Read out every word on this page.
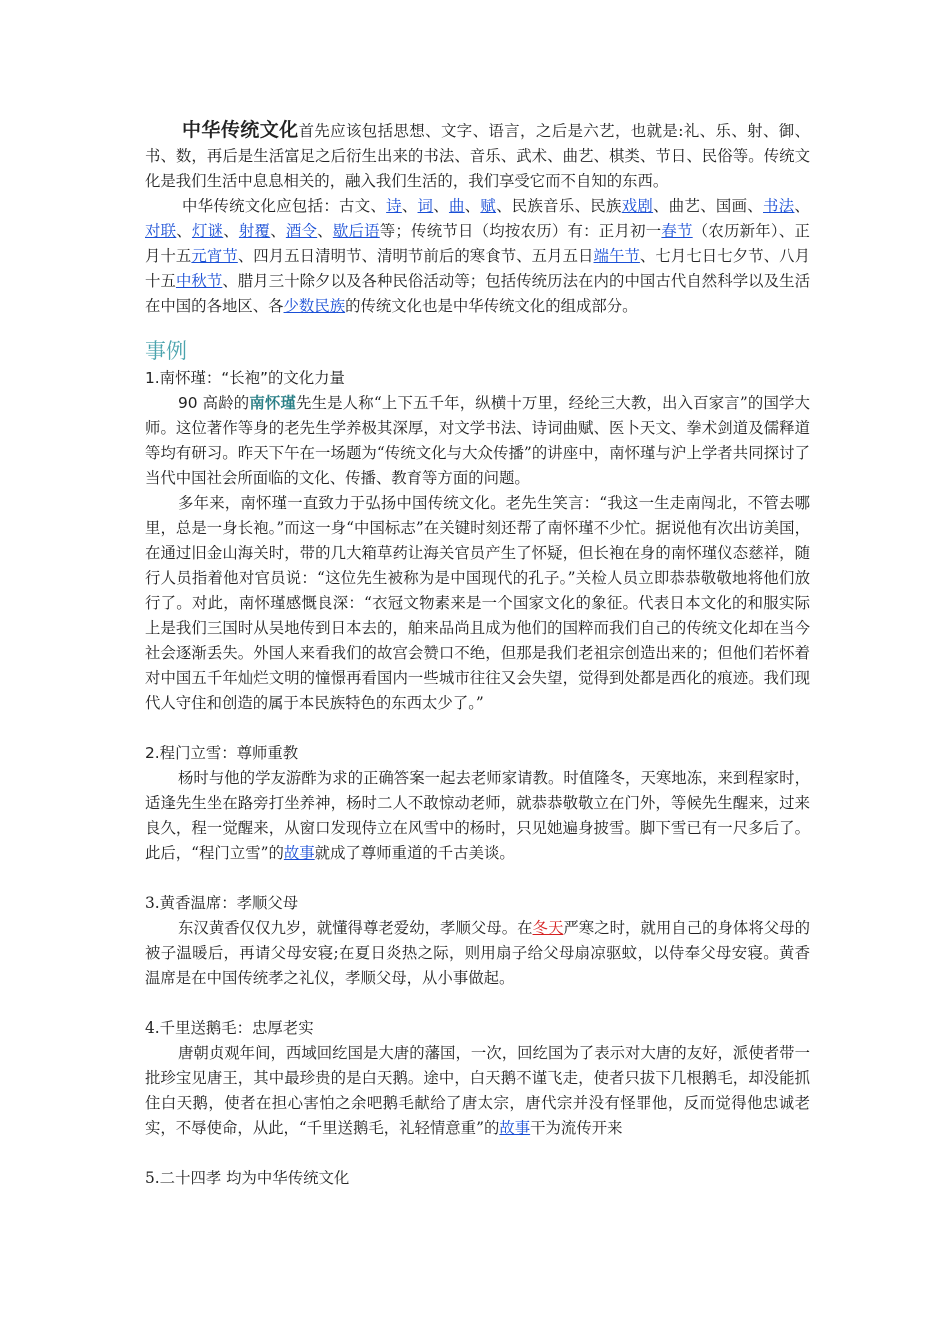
中华传统文化首先应该包括思想、文字、语言，之后是六艺，也就是:礼、乐、射、御、书、数，再后是生活富足之后衍生出来的书法、音乐、武术、曲艺、棋类、节日、民俗等。传统文化是我们生活中息息相关的，融入我们生活的，我们享受它而不自知的东西。

中华传统文化应包括：古文、诗、词、曲、赋、民族音乐、民族戏剧、曲艺、国画、书法、对联、灯谜、射覆、酒令、歇后语等；传统节日（均按农历）有：正月初一春节（农历新年）、正月十五元宵节、四月五日清明节、清明节前后的寒食节、五月五日端午节、七月七日七夕节、八月十五中秋节、腊月三十除夕以及各种民俗活动等；包括传统历法在内的中国古代自然科学以及生活在中国的各地区、各少数民族的传统文化也是中华传统文化的组成部分。

事例

1.南怀瑾：“长袍”的文化力量

90 高龄的南怀瑾先生是人称“上下五千年，纵横十万里，经纶三大教，出入百家言”的国学大师。这位著作等身的老先生学养极其深厚，对文学书法、诗词曲赋、医卜天文、拳术剑道及儒释道等均有研习。昨天下午在一场题为“传统文化与大众传播”的讲座中，南怀瑾与沪上学者共同探讨了当代中国社会所面临的文化、传播、教育等方面的问题。

多年来，南怀瑾一直致力于弘扬中国传统文化。老先生笑言：“我这一生走南闯北，不管去哪里，总是一身长袍。”而这一身“中国标志”在关键时刻还帮了南怀瑾不少忙。据说他有次出访美国，在通过旧金山海关时，带的几大箱草药让海关官员产生了怀疑，但长袍在身的南怀瑾仪态慈祥，随行人员指着他对官员说：“这位先生被称为是中国现代的孔子。”关检人员立即恭恭敬敬地将他们放行了。对此，南怀瑾感慨良深：“衣冠文物素来是一个国家文化的象征。代表日本文化的和服实际上是我们三国时从吴地传到日本去的，舶来品尚且成为他们的国粹而我们自己的传统文化却在当今社会逐渐丢失。外国人来看我们的故宫会赞口不绝，但那是我们老祖宗创造出来的；但他们若怀着对中国五千年灿烂文明的憧憬再看国内一些城市往往又会失望，觉得到处都是西化的痕迹。我们现代人守住和创造的属于本民族特色的东西太少了。”

2.程门立雪：尊师重教

杨时与他的学友游酢为求的正确答案一起去老师家请教。时值隆冬，天寒地冻，来到程家时，适逢先生坐在路旁打坐养神，杨时二人不敢惊动老师，就恭恭敬敬立在门外，等候先生醒来，过来良久，程一觉醒来，从窗口发现侍立在风雪中的杨时，只见她遍身披雪。脚下雪已有一尺多后了。此后，“程门立雪”的故事就成了尊师重道的千古美谈。

3.黄香温席：孝顺父母

东汉黄香仅仅九岁，就懂得尊老爱幼，孝顺父母。在冬天严寒之时，就用自己的身体将父母的被子温暖后，再请父母安寝;在夏日炎热之际，则用扇子给父母扇凉驱蚊，以侍奉父母安寝。黄香温席是在中国传统孝之礼仪，孝顺父母，从小事做起。

4.千里送鹅毛：忠厚老实

唐朝贞观年间，西域回纥国是大唐的藩国，一次，回纥国为了表示对大唐的友好，派使者带一批珍宝见唐王，其中最珍贵的是白天鹅。途中，白天鹅不谨飞走，使者只拔下几根鹅毛，却没能抓住白天鹅，使者在担心害怕之余吧鹅毛献给了唐太宗，唐代宗并没有怪罪他，反而觉得他忠诚老实，不辱使命，从此，“千里送鹅毛，礼轻情意重”的故事干为流传开来

5.二十四孝 均为中华传统文化
